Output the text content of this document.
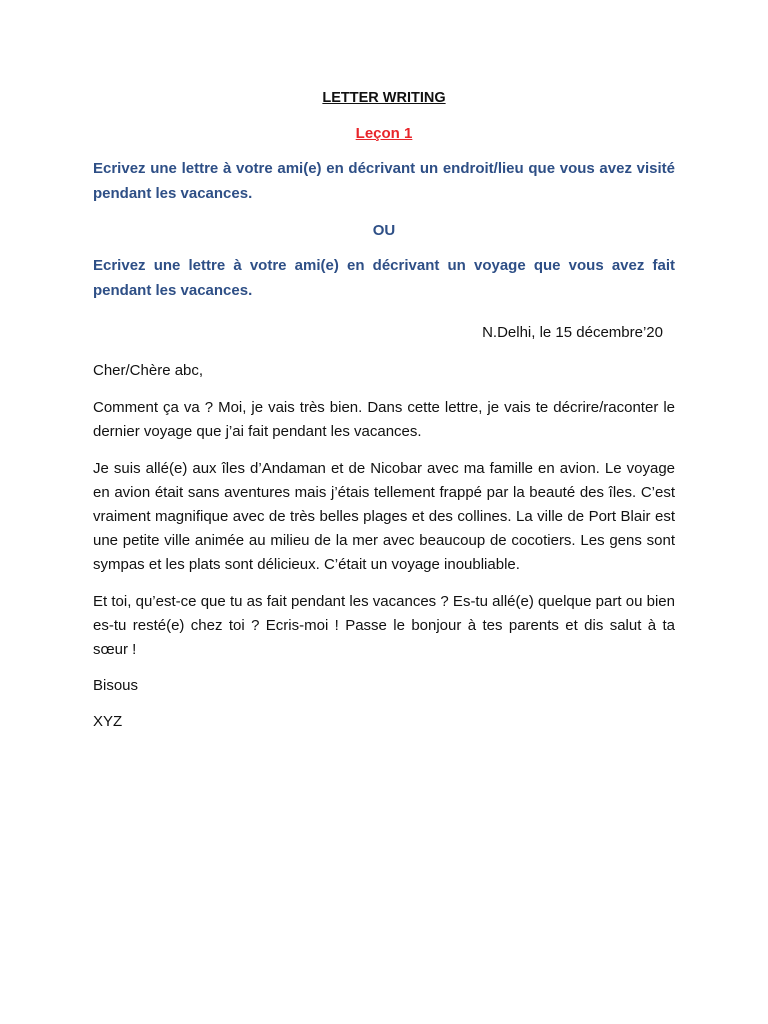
LETTER WRITING

Leçon 1

Ecrivez une lettre à votre ami(e) en décrivant un endroit/lieu que vous avez visité pendant les vacances.

OU

Ecrivez une lettre à votre ami(e) en décrivant un voyage que vous avez fait pendant les vacances.

N.Delhi, le 15 décembre’20

Cher/Chère abc,

Comment ça va ? Moi, je vais très bien. Dans cette lettre, je vais te décrire/raconter le dernier voyage que j’ai fait pendant les vacances.

Je suis allé(e) aux îles d’Andaman et de Nicobar avec ma famille en avion. Le voyage en avion était sans aventures mais j’étais tellement frappé par la beauté des îles. C’est vraiment magnifique avec de très belles plages et des collines. La ville de Port Blair est une petite ville animée au milieu de la mer avec beaucoup de cocotiers. Les gens sont sympas et les plats sont délicieux. C’était un voyage inoubliable.

Et toi, qu’est-ce que tu as fait pendant les vacances ? Es-tu allé(e) quelque part ou bien es-tu resté(e) chez toi ? Ecris-moi ! Passe le bonjour à tes parents et dis salut à ta sœur !

Bisous

XYZ
